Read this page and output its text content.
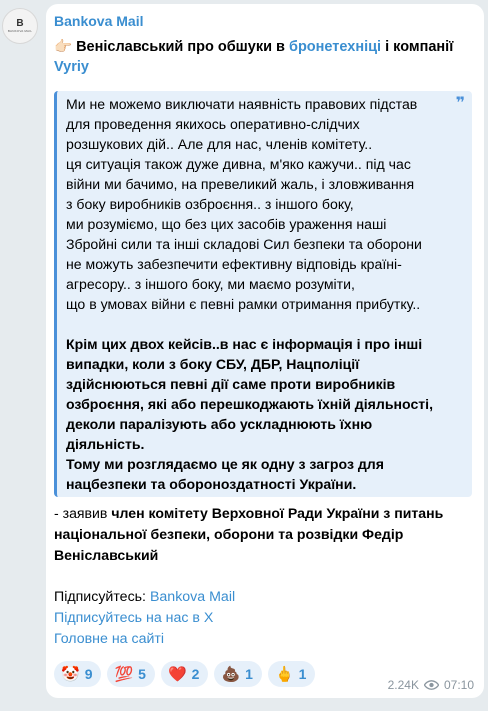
B
BANKOVA MAIL
Bankova Mail
👉🏻 Веніславський про обшуки в бронетехніці і компанії Vyriy
❞

Ми не можемо виключати наявність правових підстав
для проведення якихось оперативно-слідчих
розшукових дій.. Але для нас, членів комітету..
ця ситуація також дуже дивна, м'яко кажучи.. під час
війни ми бачимо, на превеликий жаль, і зловживання
з боку виробників озброєння.. з іншого боку,
ми розуміємо, що без цих засобів ураження наші
Збройні сили та інші складові Сил безпеки та оборони
не можуть забезпечити ефективну відповідь країні-
агресору.. з іншого боку, ми маємо розуміти,
що в умовах війни є певні рамки отримання прибутку..

Крім цих двох кейсів..в нас є інформація і про інші
випадки, коли з боку СБУ, ДБР, Нацполіції
здійснюються певні дії саме проти виробників
озброєння, які або перешкоджають їхній діяльності,
деколи паралізують або ускладнюють їхню діяльність.
Тому ми розглядаємо це як одну з загроз для
нацбезпеки та обороноздатності України.

- заявив член комітету Верховної Ради України з питань
національної безпеки, оборони та розвідки Федір
Веніславський

Підписуйтесь: Bankova Mail
Підписуйтесь на нас в Х
Головне на сайті
🤡 9 💯 5 ❤️ 2 💩 1 🖕 1
2.24K 07:10
